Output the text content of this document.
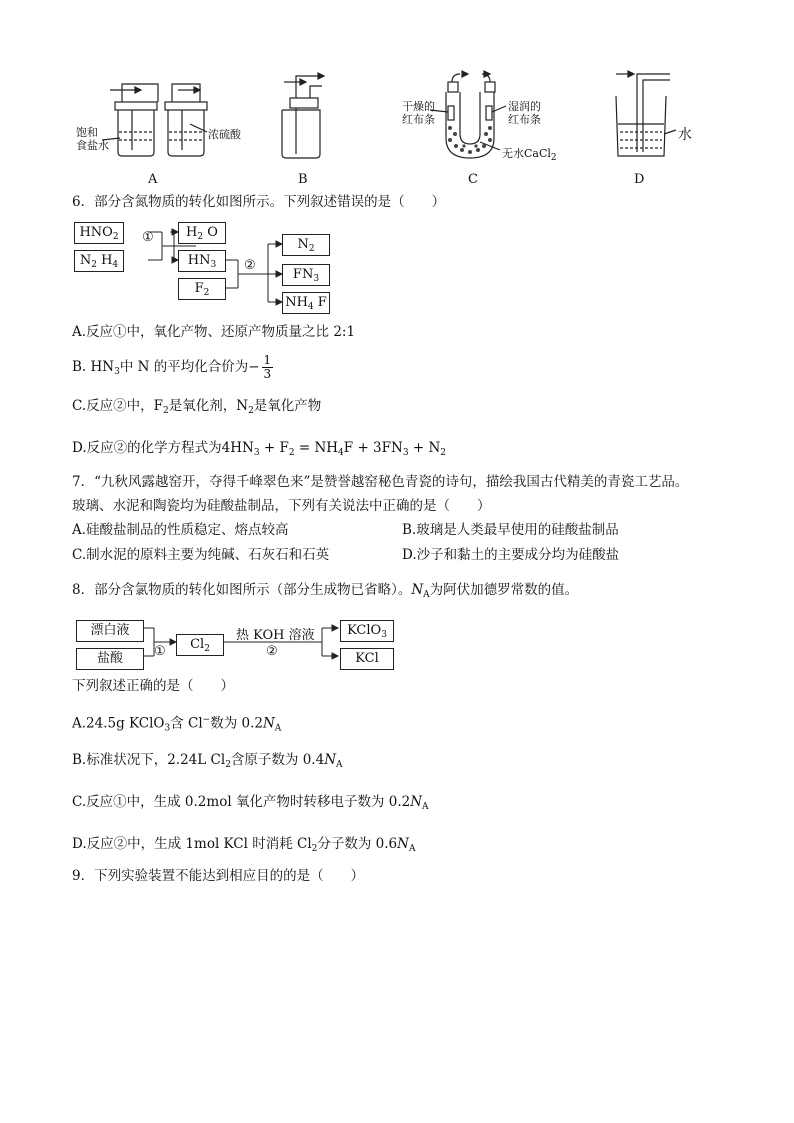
饱和
食盐水
浓硫酸
干燥的
红布条
湿润的
红布条
无水CaCl$_2$
水
A	B	C	D
6．部分含氮物质的转化如图所示。下列叙述错误的是（　　）
$HNO_2$
$N_2$ $H_4$
①	$H_2$ O
$HN_3$
$F_2$
②
$N_2$
$FN_3$
$NH_4$ F
A.反应①中，氧化产物、还原产物质量之比 2:1
B. $HN_3$中 N 的平均化合价为− $\frac{1}{3}$
C.反应②中，$F_2$是氧化剂，$N_2$是氧化产物
D.反应②的化学方程式为$4HN_3 + F_2 = NH_4F + 3FN_3 + N_2$
7．“九秋风露越窑开，夺得千峰翠色来”是赞誉越窑秘色青瓷的诗句，描绘我国古代精美的青瓷工艺品。
玻璃、水泥和陶瓷均为硅酸盐制品，下列有关说法中正确的是（　　）
A.硅酸盐制品的性质稳定、熔点较高	B.玻璃是人类最早使用的硅酸盐制品
C.制水泥的原料主要为纯碱、石灰石和石英	D.沙子和黏土的主要成分均为硅酸盐
8．部分含氯物质的转化如图所示（部分生成物已省略）。$N_A$为阿伏加德罗常数的值。
漂白液
盐酸	①	$Cl_2$
热 KOH 溶液
②
KClO$_3$
KCl
下列叙述正确的是（　　）
A.24.5g KClO$_3$含 Cl−数为 $0.2N_A$
B.标准状况下，2.24L $Cl_2$含原子数为 $0.4N_A$
C.反应①中，生成 0.2mol 氧化产物时转移电子数为 $0.2N_A$
D.反应②中，生成 1mol KCl 时消耗 $Cl_2$分子数为 $0.6N_A$
9．下列实验装置不能达到相应目的的是（　　）
